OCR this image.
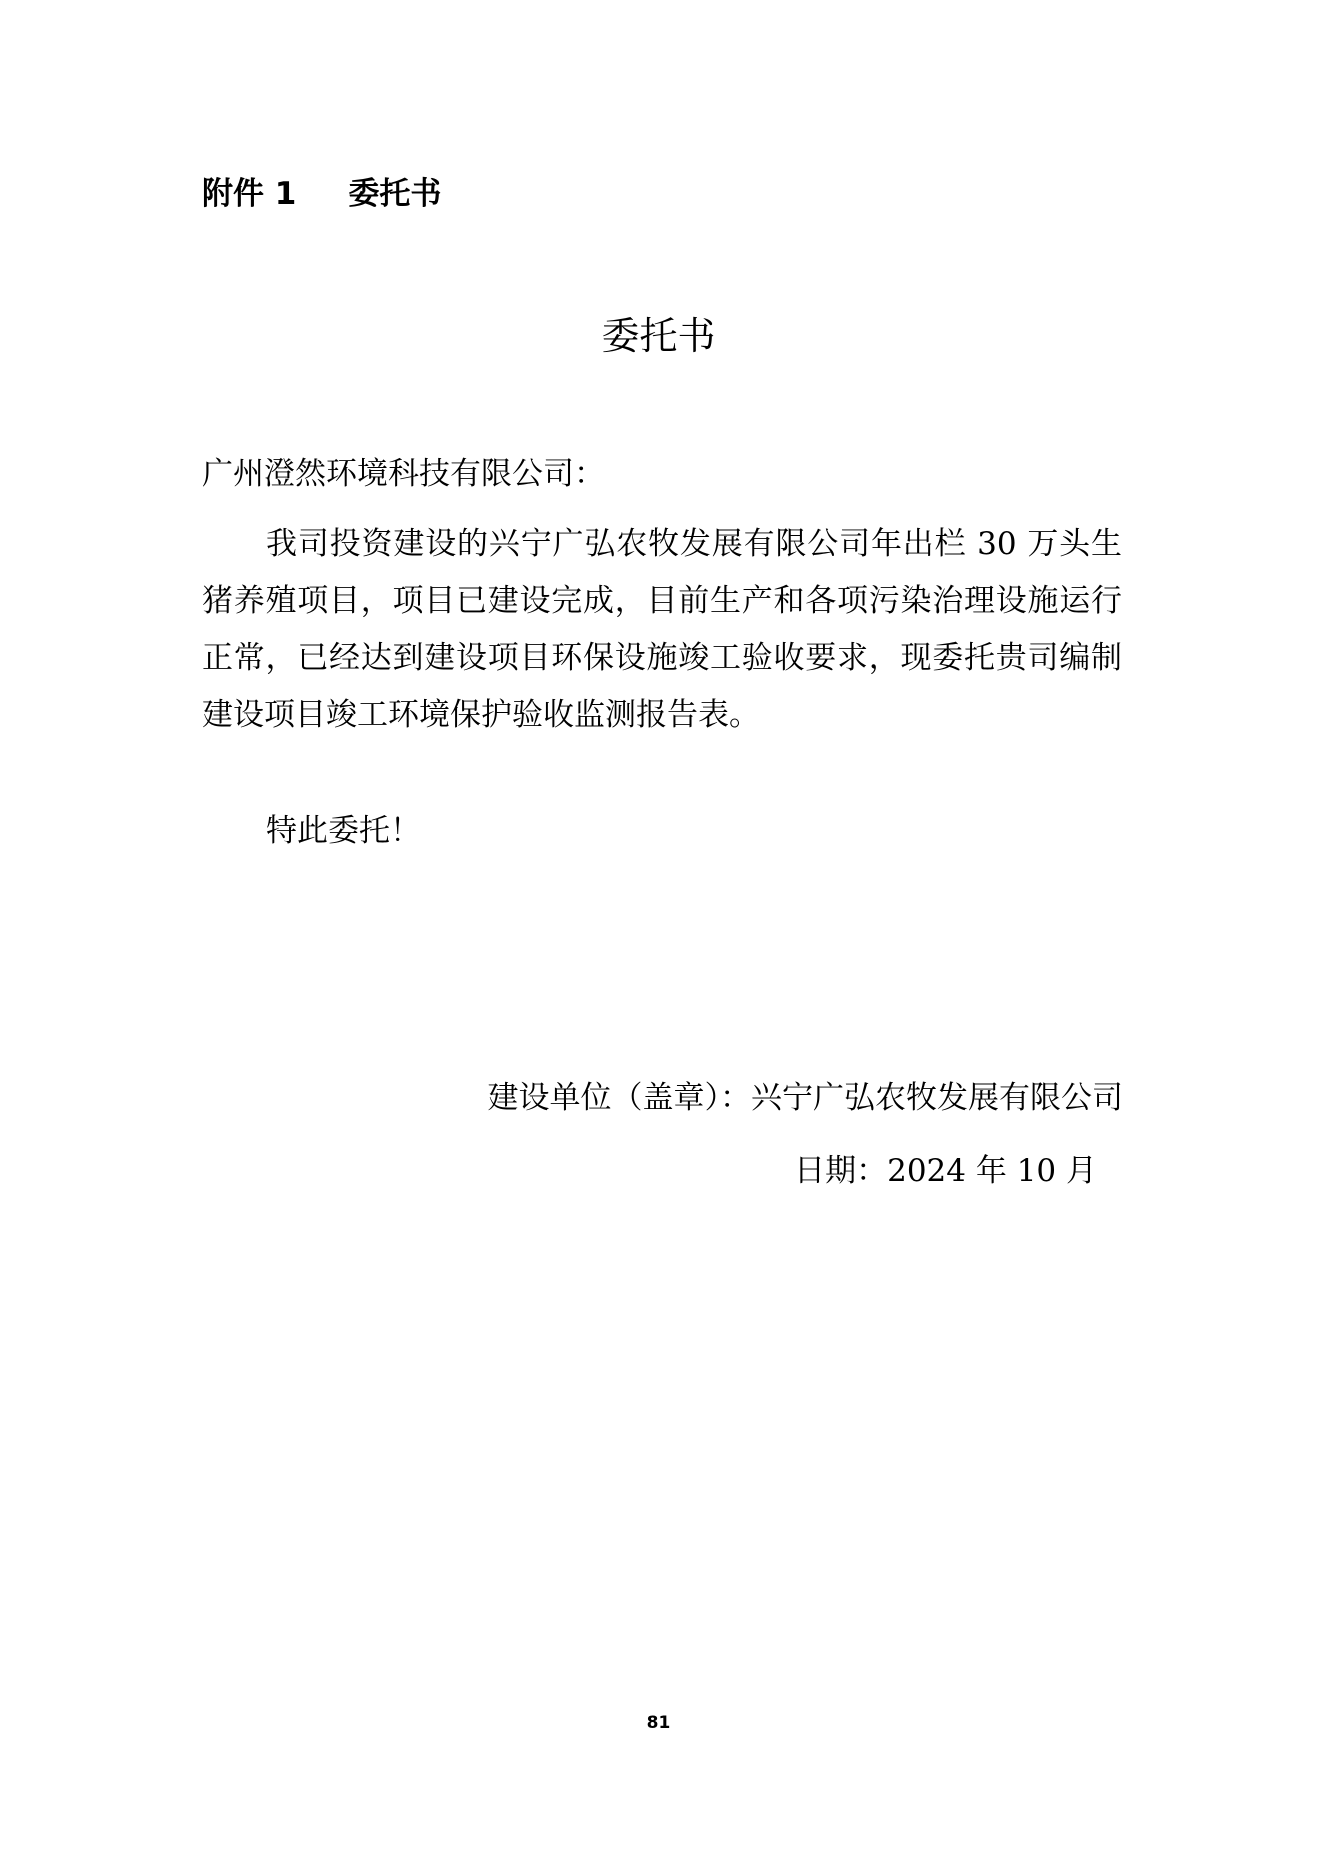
附件 1 委托书
委托书
广州澄然环境科技有限公司：
我司投资建设的兴宁广弘农牧发展有限公司年出栏 30 万头生猪养殖项目，项目已建设完成，目前生产和各项污染治理设施运行正常，已经达到建设项目环保设施竣工验收要求，现委托贵司编制建设项目竣工环境保护验收监测报告表。
特此委托！
建设单位（盖章）：兴宁广弘农牧发展有限公司
日期：2024 年 10 月
81
